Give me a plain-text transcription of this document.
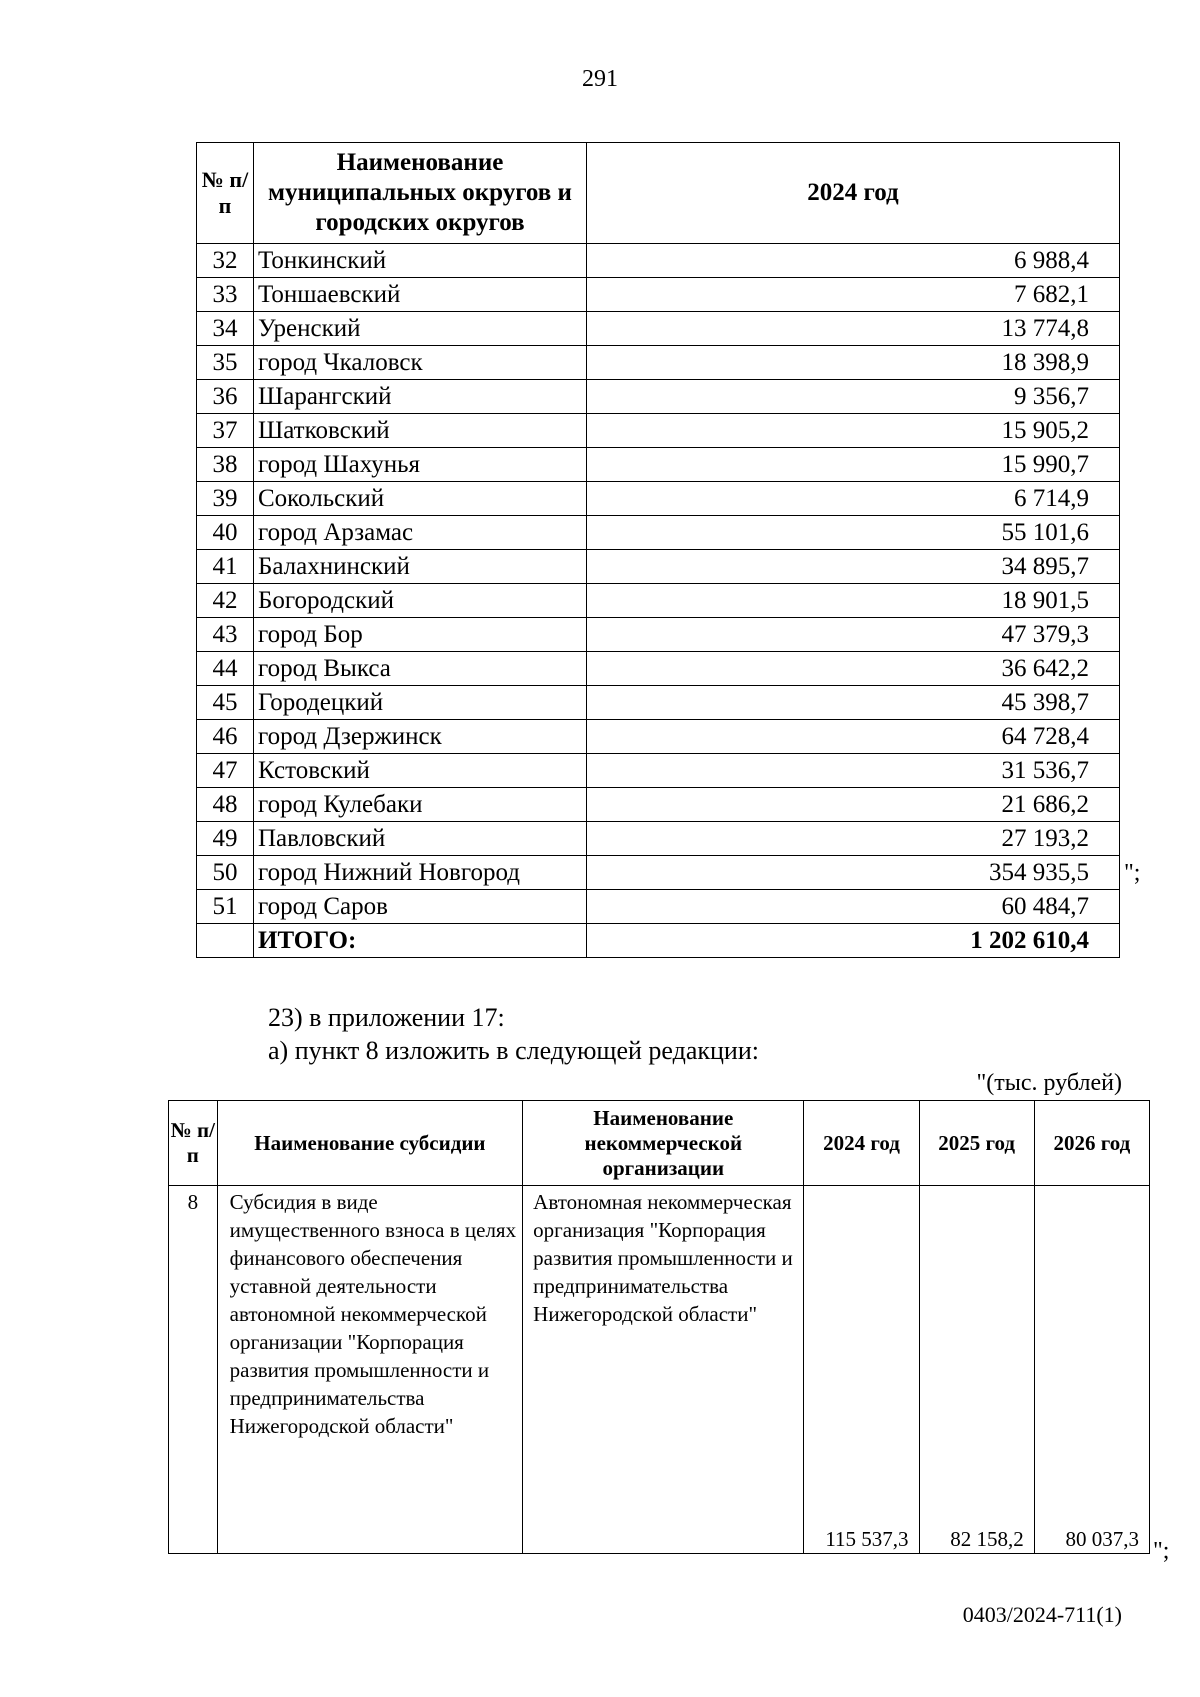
291
№ п/п	Наименование муниципальных округов и городских округов	2024 год
32	Тонкинский	6 988,4
33	Тоншаевский	7 682,1
34	Уренский	13 774,8
35	город Чкаловск	18 398,9
36	Шарангский	9 356,7
37	Шатковский	15 905,2
38	город Шахунья	15 990,7
39	Сокольский	6 714,9
40	город Арзамас	55 101,6
41	Балахнинский	34 895,7
42	Богородский	18 901,5
43	город Бор	47 379,3
44	город Выкса	36 642,2
45	Городецкий	45 398,7
46	город Дзержинск	64 728,4
47	Кстовский	31 536,7
48	город Кулебаки	21 686,2
49	Павловский	27 193,2
50	город Нижний Новгород	354 935,5
51	город Саров	60 484,7
	ИТОГО:	1 202 610,4
";
23) в приложении 17:
а) пункт 8 изложить в следующей редакции:
"(тыс. рублей)
№ п/п	Наименование субсидии	Наименование некоммерческой организации	2024 год	2025 год	2026 год
8	Субсидия в виде имущественного взноса в целях финансового обеспечения уставной деятельности автономной некоммерческой организации "Корпорация развития промышленности и предпринимательства Нижегородской области"	Автономная некоммерческая организация "Корпорация развития промышленности и предпринимательства Нижегородской области"	115 537,3	82 158,2	80 037,3 ";
0403/2024-711(1)
